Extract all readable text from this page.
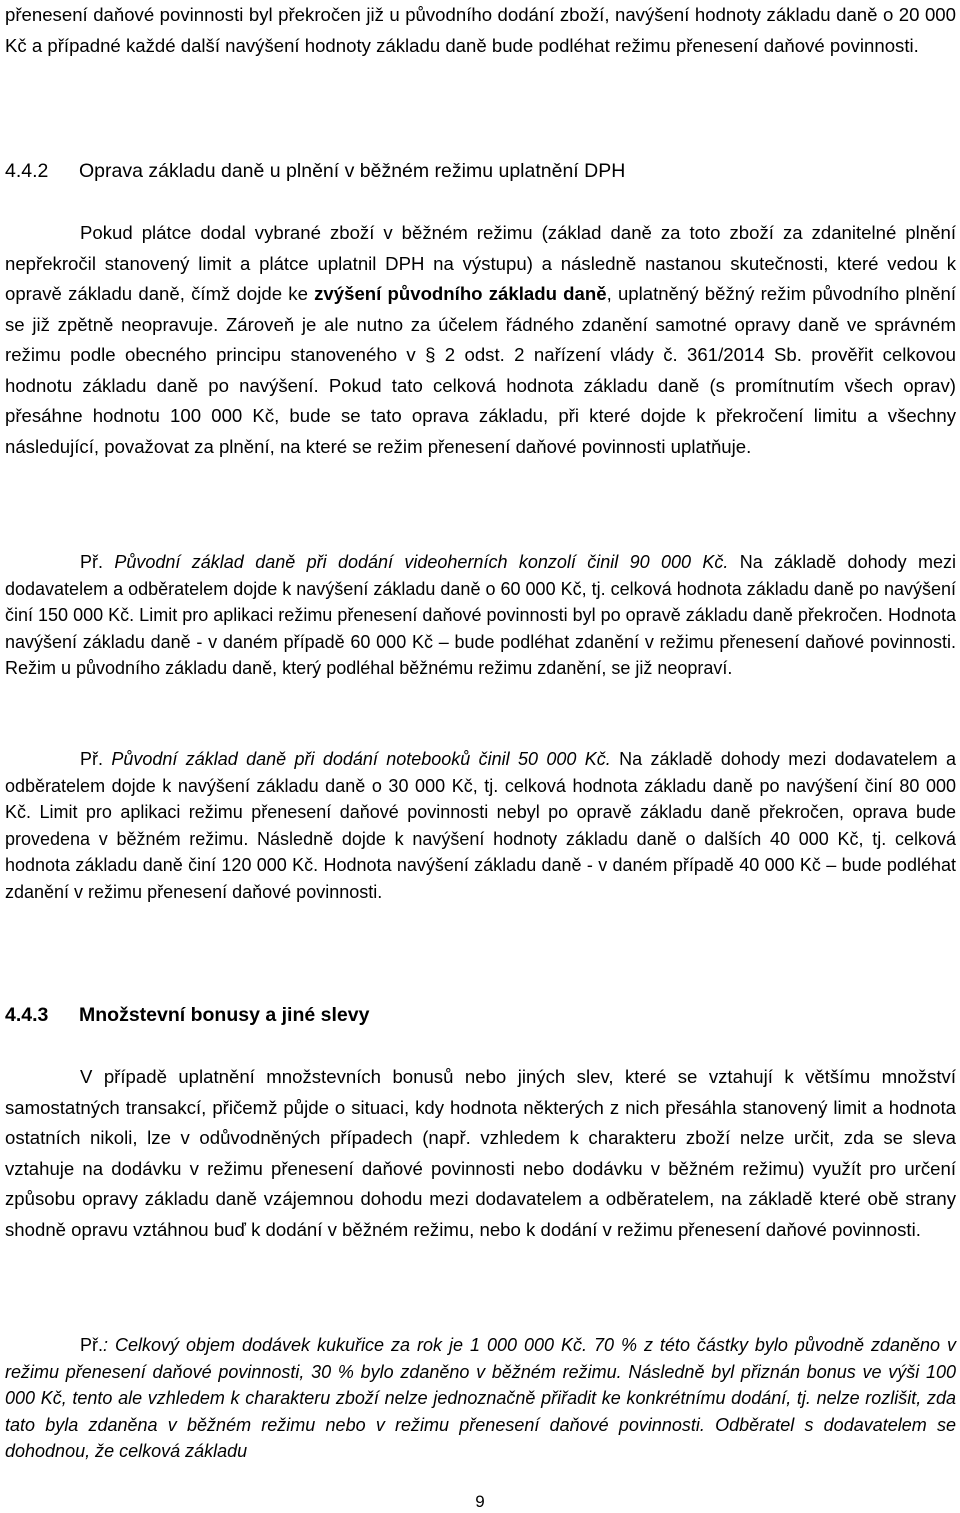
přenesení daňové povinnosti byl překročen již u původního dodání zboží, navýšení hodnoty základu daně o 20 000 Kč a případné každé další navýšení hodnoty základu daně bude podléhat režimu přenesení daňové povinnosti.

4.4.2 Oprava základu daně u plnění v běžném režimu uplatnění DPH

Pokud plátce dodal vybrané zboží v běžném režimu (základ daně za toto zboží za zdanitelné plnění nepřekročil stanovený limit a plátce uplatnil DPH na výstupu) a následně nastanou skutečnosti, které vedou k opravě základu daně, čímž dojde ke zvýšení původního základu daně, uplatněný běžný režim původního plnění se již zpětně neopravuje. Zároveň je ale nutno za účelem řádného zdanění samotné opravy daně ve správném režimu podle obecného principu stanoveného v § 2 odst. 2 nařízení vlády č. 361/2014 Sb. prověřit celkovou hodnotu základu daně po navýšení. Pokud tato celková hodnota základu daně (s promítnutím všech oprav) přesáhne hodnotu 100 000 Kč, bude se tato oprava základu, při které dojde k překročení limitu a všechny následující, považovat za plnění, na které se režim přenesení daňové povinnosti uplatňuje.

Př. Původní základ daně při dodání videoherních konzolí činil 90 000 Kč. Na základě dohody mezi dodavatelem a odběratelem dojde k navýšení základu daně o 60 000 Kč, tj. celková hodnota základu daně po navýšení činí 150 000 Kč. Limit pro aplikaci režimu přenesení daňové povinnosti byl po opravě základu daně překročen. Hodnota navýšení základu daně - v daném případě 60 000 Kč – bude podléhat zdanění v režimu přenesení daňové povinnosti. Režim u původního základu daně, který podléhal běžnému režimu zdanění, se již neopraví.

Př. Původní základ daně při dodání notebooků činil 50 000 Kč. Na základě dohody mezi dodavatelem a odběratelem dojde k navýšení základu daně o 30 000 Kč, tj. celková hodnota základu daně po navýšení činí 80 000 Kč. Limit pro aplikaci režimu přenesení daňové povinnosti nebyl po opravě základu daně překročen, oprava bude provedena v běžném režimu. Následně dojde k navýšení hodnoty základu daně o dalších 40 000 Kč, tj. celková hodnota základu daně činí 120 000 Kč. Hodnota navýšení základu daně - v daném případě 40 000 Kč – bude podléhat zdanění v režimu přenesení daňové povinnosti.

4.4.3 Množstevní bonusy a jiné slevy

V případě uplatnění množstevních bonusů nebo jiných slev, které se vztahují k většímu množství samostatných transakcí, přičemž půjde o situaci, kdy hodnota některých z nich přesáhla stanovený limit a hodnota ostatních nikoli, lze v odůvodněných případech (např. vzhledem k charakteru zboží nelze určit, zda se sleva vztahuje na dodávku v režimu přenesení daňové povinnosti nebo dodávku v běžném režimu) využít pro určení způsobu opravy základu daně vzájemnou dohodu mezi dodavatelem a odběratelem, na základě které obě strany shodně opravu vztáhnou buď k dodání v běžném režimu, nebo k dodání v režimu přenesení daňové povinnosti.

Př.: Celkový objem dodávek kukuřice za rok je 1 000 000 Kč. 70 % z této částky bylo původně zdaněno v režimu přenesení daňové povinnosti, 30 % bylo zdaněno v běžném režimu. Následně byl přiznán bonus ve výši 100 000 Kč, tento ale vzhledem k charakteru zboží nelze jednoznačně přiřadit ke konkrétnímu dodání, tj. nelze rozlišit, zda tato byla zdaněna v běžném režimu nebo v režimu přenesení daňové povinnosti. Odběratel s dodavatelem se dohodnou, že celková základu

9
